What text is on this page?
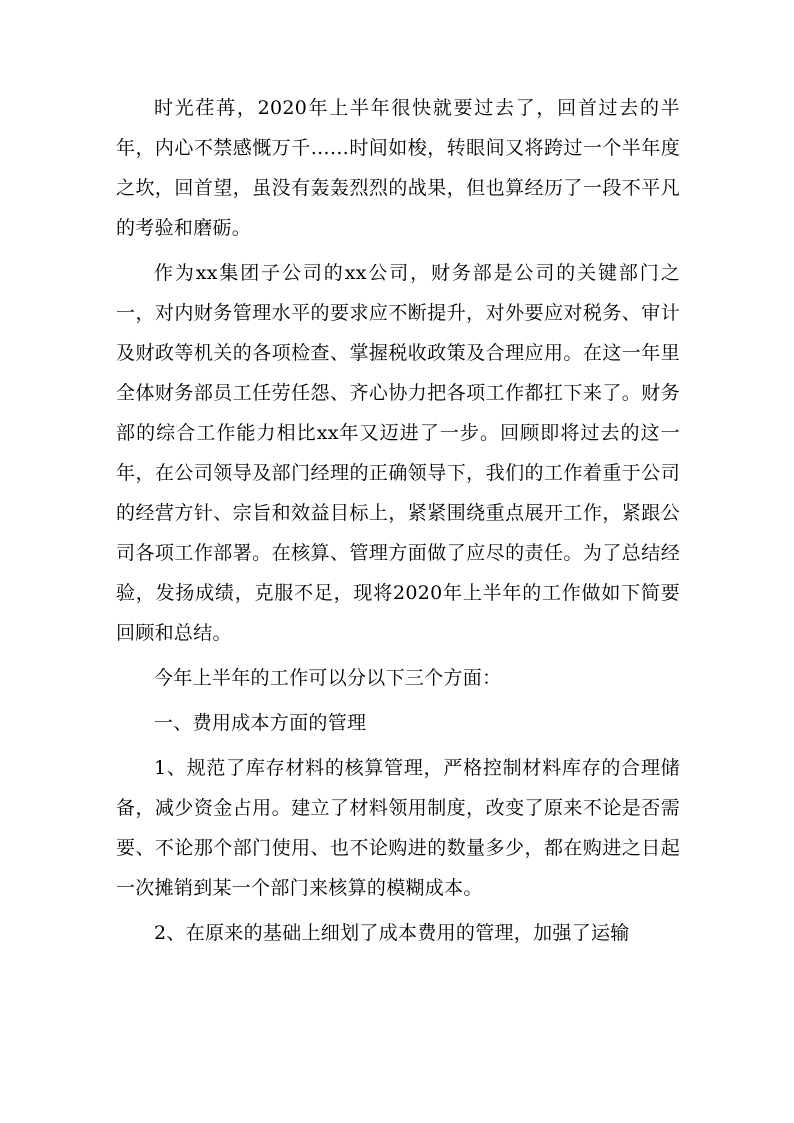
时光荏苒，2020年上半年很快就要过去了，回首过去的半年，内心不禁感慨万千……时间如梭，转眼间又将跨过一个半年度之坎，回首望，虽没有轰轰烈烈的战果，但也算经历了一段不平凡的考验和磨砺。

作为xx集团子公司的xx公司，财务部是公司的关键部门之一，对内财务管理水平的要求应不断提升，对外要应对税务、审计及财政等机关的各项检查、掌握税收政策及合理应用。在这一年里全体财务部员工任劳任怨、齐心协力把各项工作都扛下来了。财务部的综合工作能力相比xx年又迈进了一步。回顾即将过去的这一年，在公司领导及部门经理的正确领导下，我们的工作着重于公司的经营方针、宗旨和效益目标上，紧紧围绕重点展开工作，紧跟公司各项工作部署。在核算、管理方面做了应尽的责任。为了总结经验，发扬成绩，克服不足，现将2020年上半年的工作做如下简要回顾和总结。

今年上半年的工作可以分以下三个方面：

一、费用成本方面的管理

1、规范了库存材料的核算管理，严格控制材料库存的合理储备，减少资金占用。建立了材料领用制度，改变了原来不论是否需要、不论那个部门使用、也不论购进的数量多少，都在购进之日起一次摊销到某一个部门来核算的模糊成本。

2、在原来的基础上细划了成本费用的管理，加强了运输
